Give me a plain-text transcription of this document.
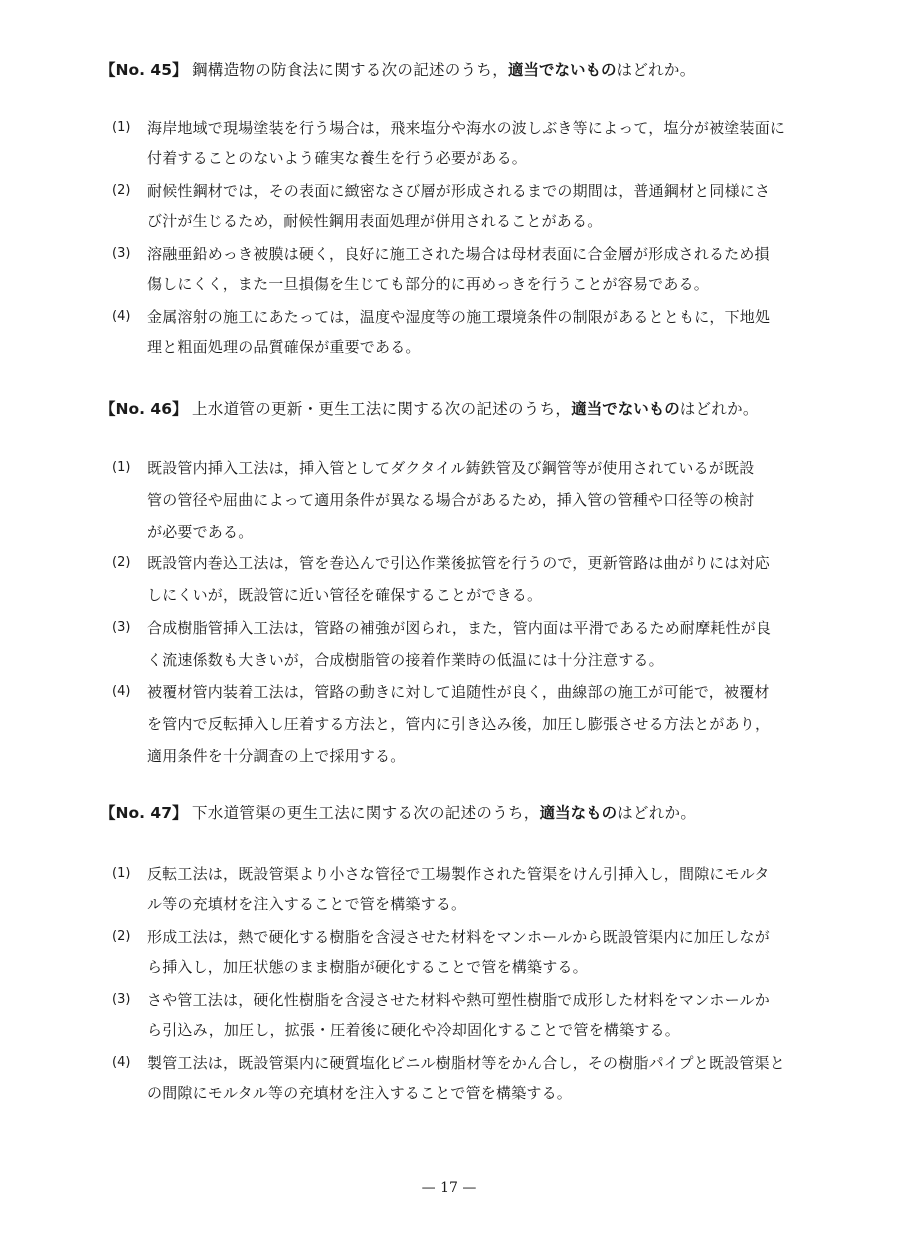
【No. 45】 鋼構造物の防食法に関する次の記述のうち，適当でないものはどれか。
(1) 海岸地域で現場塗装を行う場合は，飛来塩分や海水の波しぶき等によって，塩分が被塗装面に
付着することのないよう確実な養生を行う必要がある。
(2) 耐候性鋼材では，その表面に緻密なさび層が形成されるまでの期間は，普通鋼材と同様にさ
び汁が生じるため，耐候性鋼用表面処理が併用されることがある。
(3) 溶融亜鉛めっき被膜は硬く，良好に施工された場合は母材表面に合金層が形成されるため損
傷しにくく，また一旦損傷を生じても部分的に再めっきを行うことが容易である。
(4) 金属溶射の施工にあたっては，温度や湿度等の施工環境条件の制限があるとともに，下地処
理と粗面処理の品質確保が重要である。
【No. 46】 上水道管の更新・更生工法に関する次の記述のうち，適当でないものはどれか。
(1) 既設管内挿入工法は，挿入管としてダクタイル鋳鉄管及び鋼管等が使用されているが既設
管の管径や屈曲によって適用条件が異なる場合があるため，挿入管の管種や口径等の検討
が必要である。
(2) 既設管内巻込工法は，管を巻込んで引込作業後拡管を行うので，更新管路は曲がりには対応
しにくいが，既設管に近い管径を確保することができる。
(3) 合成樹脂管挿入工法は，管路の補強が図られ，また，管内面は平滑であるため耐摩耗性が良
く流速係数も大きいが，合成樹脂管の接着作業時の低温には十分注意する。
(4) 被覆材管内装着工法は，管路の動きに対して追随性が良く，曲線部の施工が可能で，被覆材
を管内で反転挿入し圧着する方法と，管内に引き込み後，加圧し膨張させる方法とがあり，
適用条件を十分調査の上で採用する。
【No. 47】 下水道管渠の更生工法に関する次の記述のうち，適当なものはどれか。
(1) 反転工法は，既設管渠より小さな管径で工場製作された管渠をけん引挿入し，間隙にモルタ
ル等の充填材を注入することで管を構築する。
(2) 形成工法は，熱で硬化する樹脂を含浸させた材料をマンホールから既設管渠内に加圧しなが
ら挿入し，加圧状態のまま樹脂が硬化することで管を構築する。
(3) さや管工法は，硬化性樹脂を含浸させた材料や熱可塑性樹脂で成形した材料をマンホールか
ら引込み，加圧し，拡張・圧着後に硬化や冷却固化することで管を構築する。
(4) 製管工法は，既設管渠内に硬質塩化ビニル樹脂材等をかん合し，その樹脂パイプと既設管渠と
の間隙にモルタル等の充填材を注入することで管を構築する。
— 17 —
